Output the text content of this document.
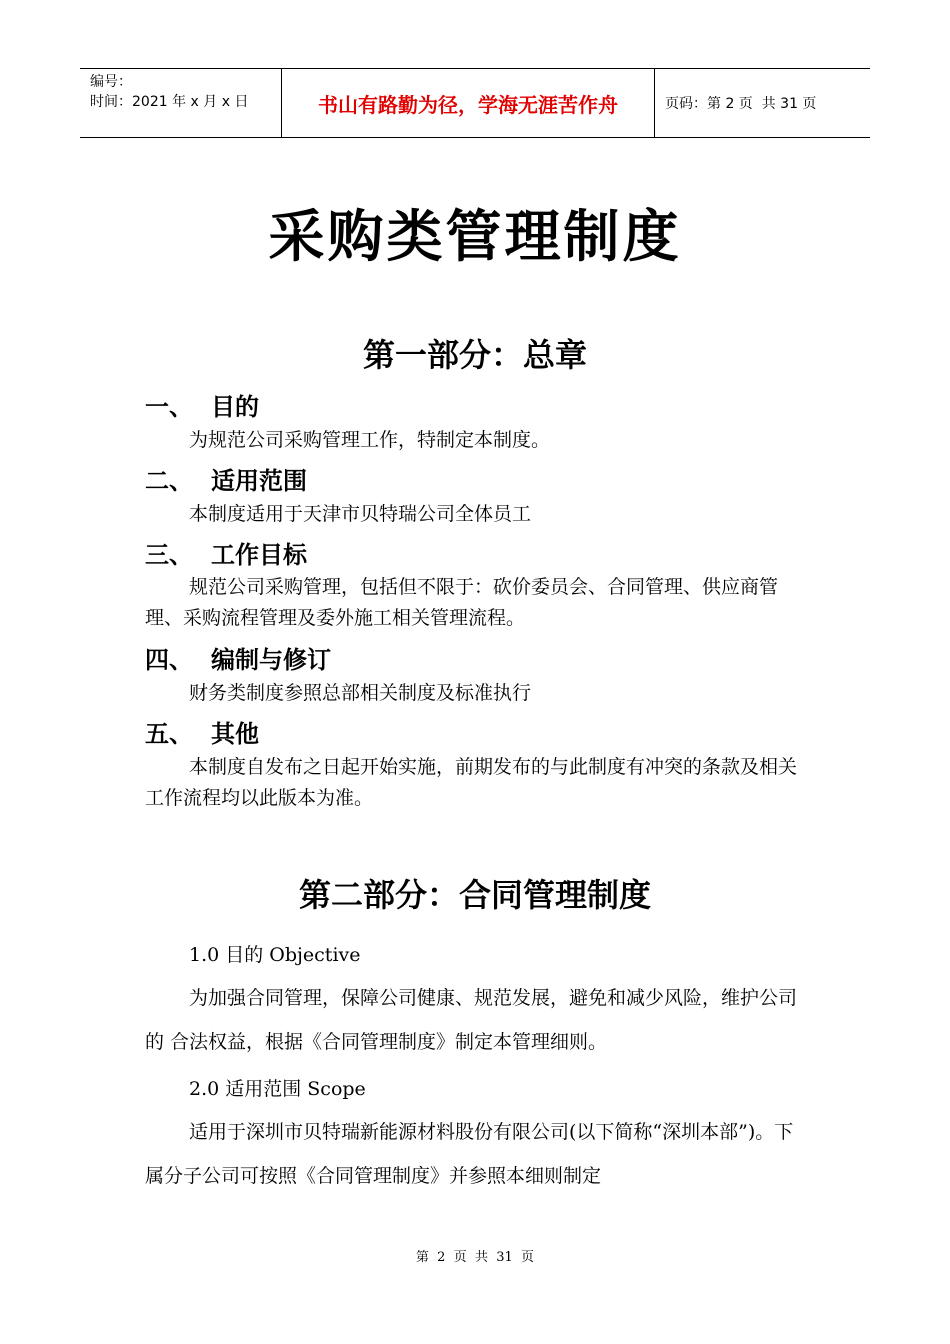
编号：
时间：2021 年 x 月 x 日	书山有路勤为径，学海无涯苦作舟	页码：第 2 页  共 31 页
采购类管理制度
第一部分：总章
一、 目的
为规范公司采购管理工作，特制定本制度。
二、 适用范围
本制度适用于天津市贝特瑞公司全体员工
三、 工作目标
规范公司采购管理，包括但不限于：砍价委员会、合同管理、供应商管理、采购流程管理及委外施工相关管理流程。
四、 编制与修订
财务类制度参照总部相关制度及标准执行
五、 其他
本制度自发布之日起开始实施，前期发布的与此制度有冲突的条款及相关工作流程均以此版本为准。
第二部分：合同管理制度
1.0 目的 Objective
为加强合同管理，保障公司健康、规范发展，避免和减少风险，维护公司的 合法权益，根据《合同管理制度》制定本管理细则。
2.0 适用范围 Scope
适用于深圳市贝特瑞新能源材料股份有限公司(以下简称“深圳本部”)。下属分子公司可按照《合同管理制度》并参照本细则制定
第  2  页  共  31  页
